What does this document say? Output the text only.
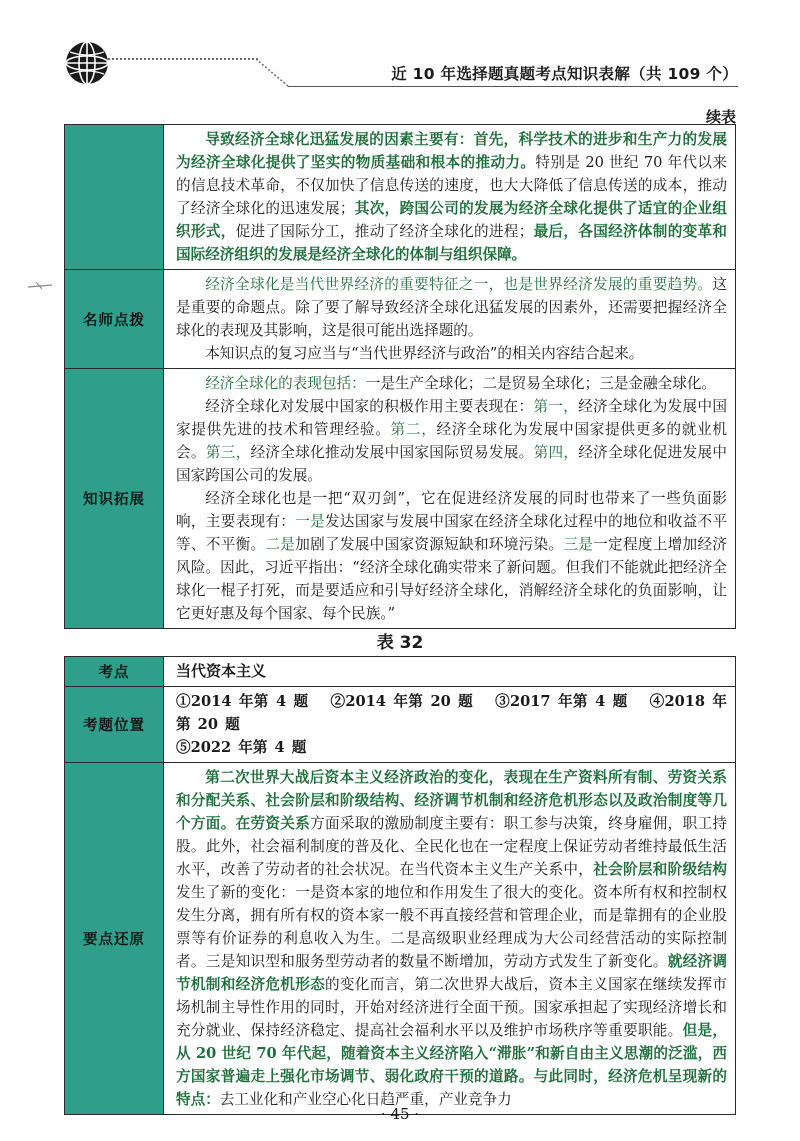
近 10 年选择题真题考点知识表解（共 109 个）
续表

	导致经济全球化迅猛发展的因素主要有：首先，科学技术的进步和生产力的发展为经济全球化提供了坚实的物质基础和根本的推动力。特别是 20 世纪 70 年代以来的信息技术革命，不仅加快了信息传送的速度，也大大降低了信息传送的成本，推动了经济全球化的迅速发展；其次，跨国公司的发展为经济全球化提供了适宜的企业组织形式，促进了国际分工，推动了经济全球化的进程；最后，各国经济体制的变革和国际经济组织的发展是经济全球化的体制与组织保障。

名师点拨	经济全球化是当代世界经济的重要特征之一，也是世界经济发展的重要趋势。这是重要的命题点。除了要了解导致经济全球化迅猛发展的因素外，还需要把握经济全球化的表现及其影响，这是很可能出选择题的。

本知识点的复习应当与“当代世界经济与政治”的相关内容结合起来。

知识拓展	经济全球化的表现包括：一是生产全球化；二是贸易全球化；三是金融全球化。

经济全球化对发展中国家的积极作用主要表现在：第一，经济全球化为发展中国家提供先进的技术和管理经验。第二，经济全球化为发展中国家提供更多的就业机会。第三，经济全球化推动发展中国家国际贸易发展。第四，经济全球化促进发展中国家跨国公司的发展。

经济全球化也是一把“双刃剑”，它在促进经济发展的同时也带来了一些负面影响，主要表现有：一是发达国家与发展中国家在经济全球化过程中的地位和收益不平等、不平衡。二是加剧了发展中国家资源短缺和环境污染。三是一定程度上增加经济风险。因此，习近平指出：“经济全球化确实带来了新问题。但我们不能就此把经济全球化一棍子打死，而是要适应和引导好经济全球化，消解经济全球化的负面影响，让它更好惠及每个国家、每个民族。”

表 32
考点	当代资本主义
考题位置	①2014 年第 4 题 ②2014 年第 20 题 ③2017 年第 4 题 ④2018 年第 20 题
⑤2022 年第 4 题
要点还原	第二次世界大战后资本主义经济政治的变化，表现在生产资料所有制、劳资关系和分配关系、社会阶层和阶级结构、经济调节机制和经济危机形态以及政治制度等几个方面。在劳资关系方面采取的激励制度主要有：职工参与决策，终身雇佣，职工持股。此外，社会福利制度的普及化、全民化也在一定程度上保证劳动者维持最低生活水平，改善了劳动者的社会状况。在当代资本主义生产关系中，社会阶层和阶级结构发生了新的变化：一是资本家的地位和作用发生了很大的变化。资本所有权和控制权发生分离，拥有所有权的资本家一般不再直接经营和管理企业，而是靠拥有的企业股票等有价证券的利息收入为生。二是高级职业经理成为大公司经营活动的实际控制者。三是知识型和服务型劳动者的数量不断增加，劳动方式发生了新变化。就经济调节机制和经济危机形态的变化而言，第二次世界大战后，资本主义国家在继续发挥市场机制主导性作用的同时，开始对经济进行全面干预。国家承担起了实现经济增长和充分就业、保持经济稳定、提高社会福利水平以及维护市场秩序等重要职能。但是，从 20 世纪 70 年代起，随着资本主义经济陷入“滞胀”和新自由主义思潮的泛滥，西方国家普遍走上强化市场调节、弱化政府干预的道路。与此同时，经济危机呈现新的特点：去工业化和产业空心化日趋严重，产业竞争力

· 45 ·
